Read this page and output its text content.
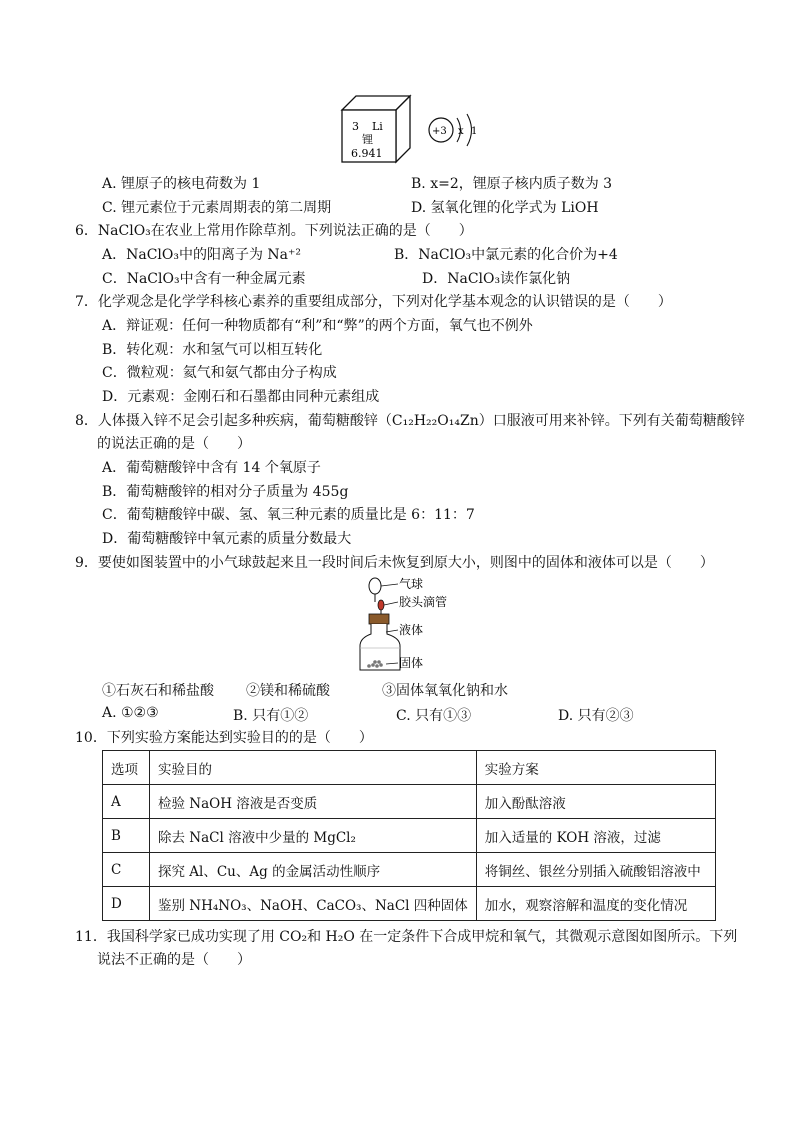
3 Li
锂
6.941
+3 x 1
A. 锂原子的核电荷数为 1	B. x=2，锂原子核内质子数为 3
C. 锂元素位于元素周期表的第二周期	D. 氢氧化锂的化学式为 LiOH
6．NaClO₃在农业上常用作除草剂。下列说法正确的是（　　）
A．NaClO₃中的阳离子为 Na⁺²	B．NaClO₃中氯元素的化合价为+4
C．NaClO₃中含有一种金属元素	D．NaClO₃读作氯化钠
7．化学观念是化学学科核心素养的重要组成部分，下列对化学基本观念的认识错误的是（　　）
A．辩证观：任何一种物质都有“利”和“弊”的两个方面，氧气也不例外
B．转化观：水和氢气可以相互转化
C．微粒观：氦气和氨气都由分子构成
D．元素观：金刚石和石墨都由同种元素组成
8．人体摄入锌不足会引起多种疾病，葡萄糖酸锌（C₁₂H₂₂O₁₄Zn）口服液可用来补锌。下列有关葡萄糖酸锌
的说法正确的是（　　）
A．葡萄糖酸锌中含有 14 个氧原子
B．葡萄糖酸锌的相对分子质量为 455g
C．葡萄糖酸锌中碳、氢、氧三种元素的质量比是 6：11：7
D．葡萄糖酸锌中氧元素的质量分数最大
9．要使如图装置中的小气球鼓起来且一段时间后未恢复到原大小，则图中的固体和液体可以是（　　）
气球
胶头滴管
液体
固体
①石灰石和稀盐酸 ②镁和稀硫酸	③固体氧氧化钠和水
A. ①②③	B. 只有①②	C. 只有①③	D. 只有②③
10．下列实验方案能达到实验目的的是（　　）
选项	实验目的	实验方案
A	检验 NaOH 溶液是否变质	加入酚酞溶液
B	除去 NaCl 溶液中少量的 MgCl₂	加入适量的 KOH 溶液，过滤
C	探究 Al、Cu、Ag 的金属活动性顺序	将铜丝、银丝分别插入硫酸铝溶液中
D	鉴别 NH₄NO₃、NaOH、CaCO₃、NaCl 四种固体	加水，观察溶解和温度的变化情况
11．我国科学家已成功实现了用 CO₂和 H₂O 在一定条件下合成甲烷和氧气，其微观示意图如图所示。下列
说法不正确的是（　　）
